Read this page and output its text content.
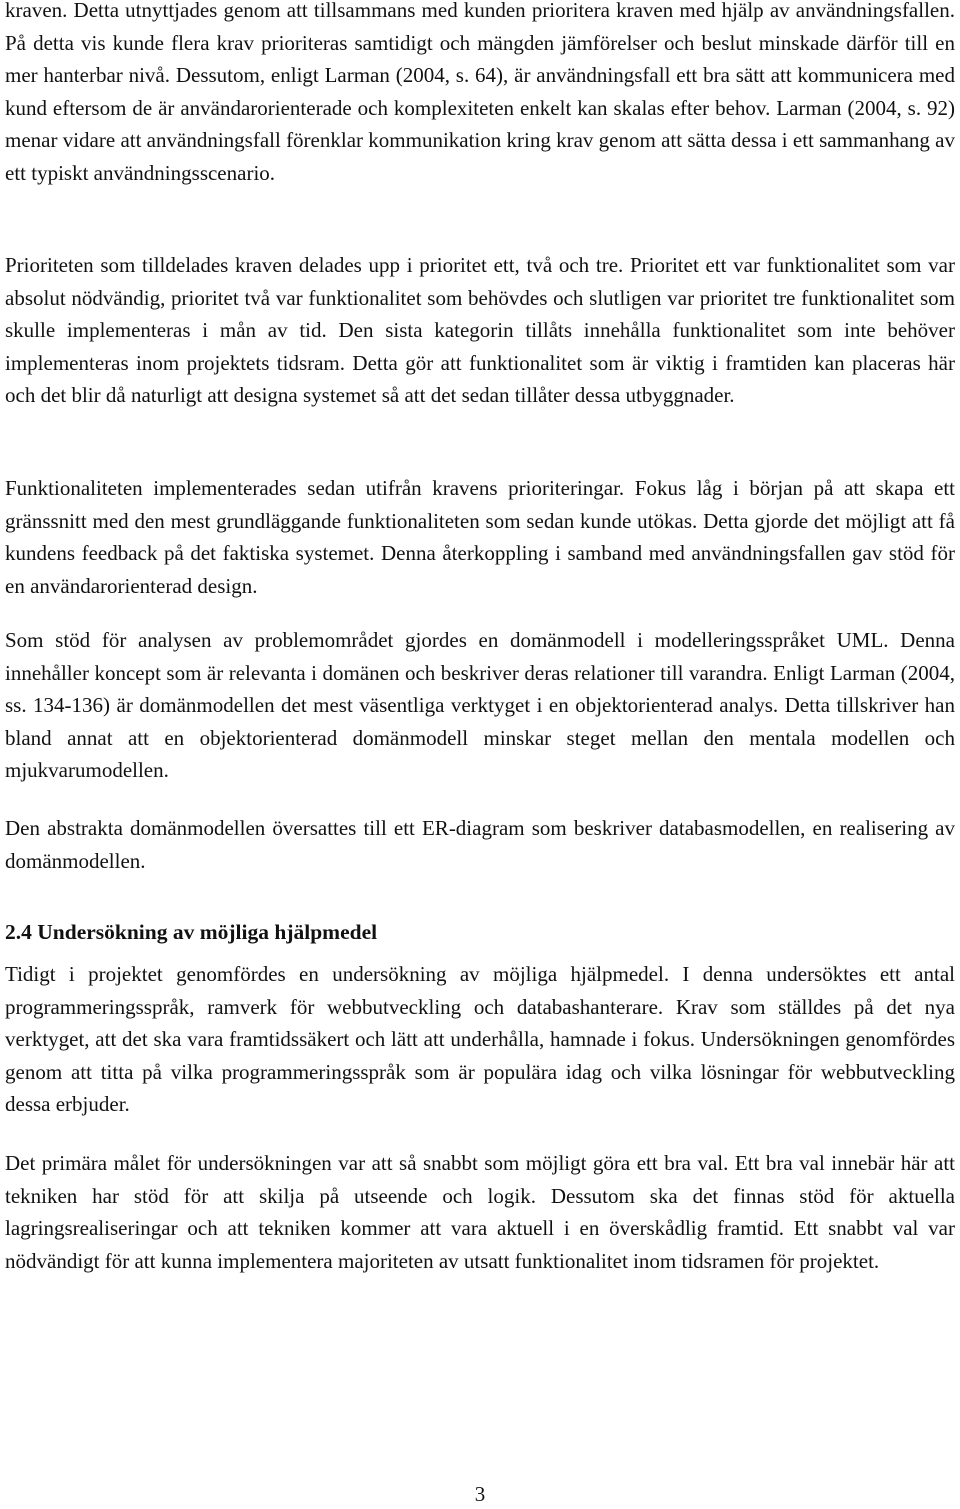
kraven. Detta utnyttjades genom att tillsammans med kunden prioritera kraven med hjälp av användningsfallen. På detta vis kunde flera krav prioriteras samtidigt och mängden jämförelser och beslut minskade därför till en mer hanterbar nivå. Dessutom, enligt Larman (2004, s. 64), är användningsfall ett bra sätt att kommunicera med kund eftersom de är användarorienterade och komplexiteten enkelt kan skalas efter behov. Larman (2004, s. 92) menar vidare att användningsfall förenklar kommunikation kring krav genom att sätta dessa i ett sammanhang av ett typiskt användningsscenario.

Prioriteten som tilldelades kraven delades upp i prioritet ett, två och tre. Prioritet ett var funktionalitet som var absolut nödvändig, prioritet två var funktionalitet som behövdes och slutligen var prioritet tre funktionalitet som skulle implementeras i mån av tid. Den sista kategorin tillåts innehålla funktionalitet som inte behöver implementeras inom projektets tidsram. Detta gör att funktionalitet som är viktig i framtiden kan placeras här och det blir då naturligt att designa systemet så att det sedan tillåter dessa utbyggnader.

Funktionaliteten implementerades sedan utifrån kravens prioriteringar. Fokus låg i början på att skapa ett gränssnitt med den mest grundläggande funktionaliteten som sedan kunde utökas. Detta gjorde det möjligt att få kundens feedback på det faktiska systemet. Denna återkoppling i samband med användningsfallen gav stöd för en användarorienterad design.

Som stöd för analysen av problemområdet gjordes en domänmodell i modelleringsspråket UML. Denna innehåller koncept som är relevanta i domänen och beskriver deras relationer till varandra. Enligt Larman (2004, ss. 134-136) är domänmodellen det mest väsentliga verktyget i en objektorienterad analys. Detta tillskriver han bland annat att en objektorienterad domänmodell minskar steget mellan den mentala modellen och mjukvarumodellen.

Den abstrakta domänmodellen översattes till ett ER-diagram som beskriver databasmodellen, en realisering av domänmodellen.

2.4 Undersökning av möjliga hjälpmedel

Tidigt i projektet genomfördes en undersökning av möjliga hjälpmedel. I denna undersöktes ett antal programmeringsspråk, ramverk för webbutveckling och databashanterare. Krav som ställdes på det nya verktyget, att det ska vara framtidssäkert och lätt att underhålla, hamnade i fokus. Undersökningen genomfördes genom att titta på vilka programmeringsspråk som är populära idag och vilka lösningar för webbutveckling dessa erbjuder.

Det primära målet för undersökningen var att så snabbt som möjligt göra ett bra val. Ett bra val innebär här att tekniken har stöd för att skilja på utseende och logik. Dessutom ska det finnas stöd för aktuella lagringsrealiseringar och att tekniken kommer att vara aktuell i en överskådlig framtid. Ett snabbt val var nödvändigt för att kunna implementera majoriteten av utsatt funktionalitet inom tidsramen för projektet.

3
